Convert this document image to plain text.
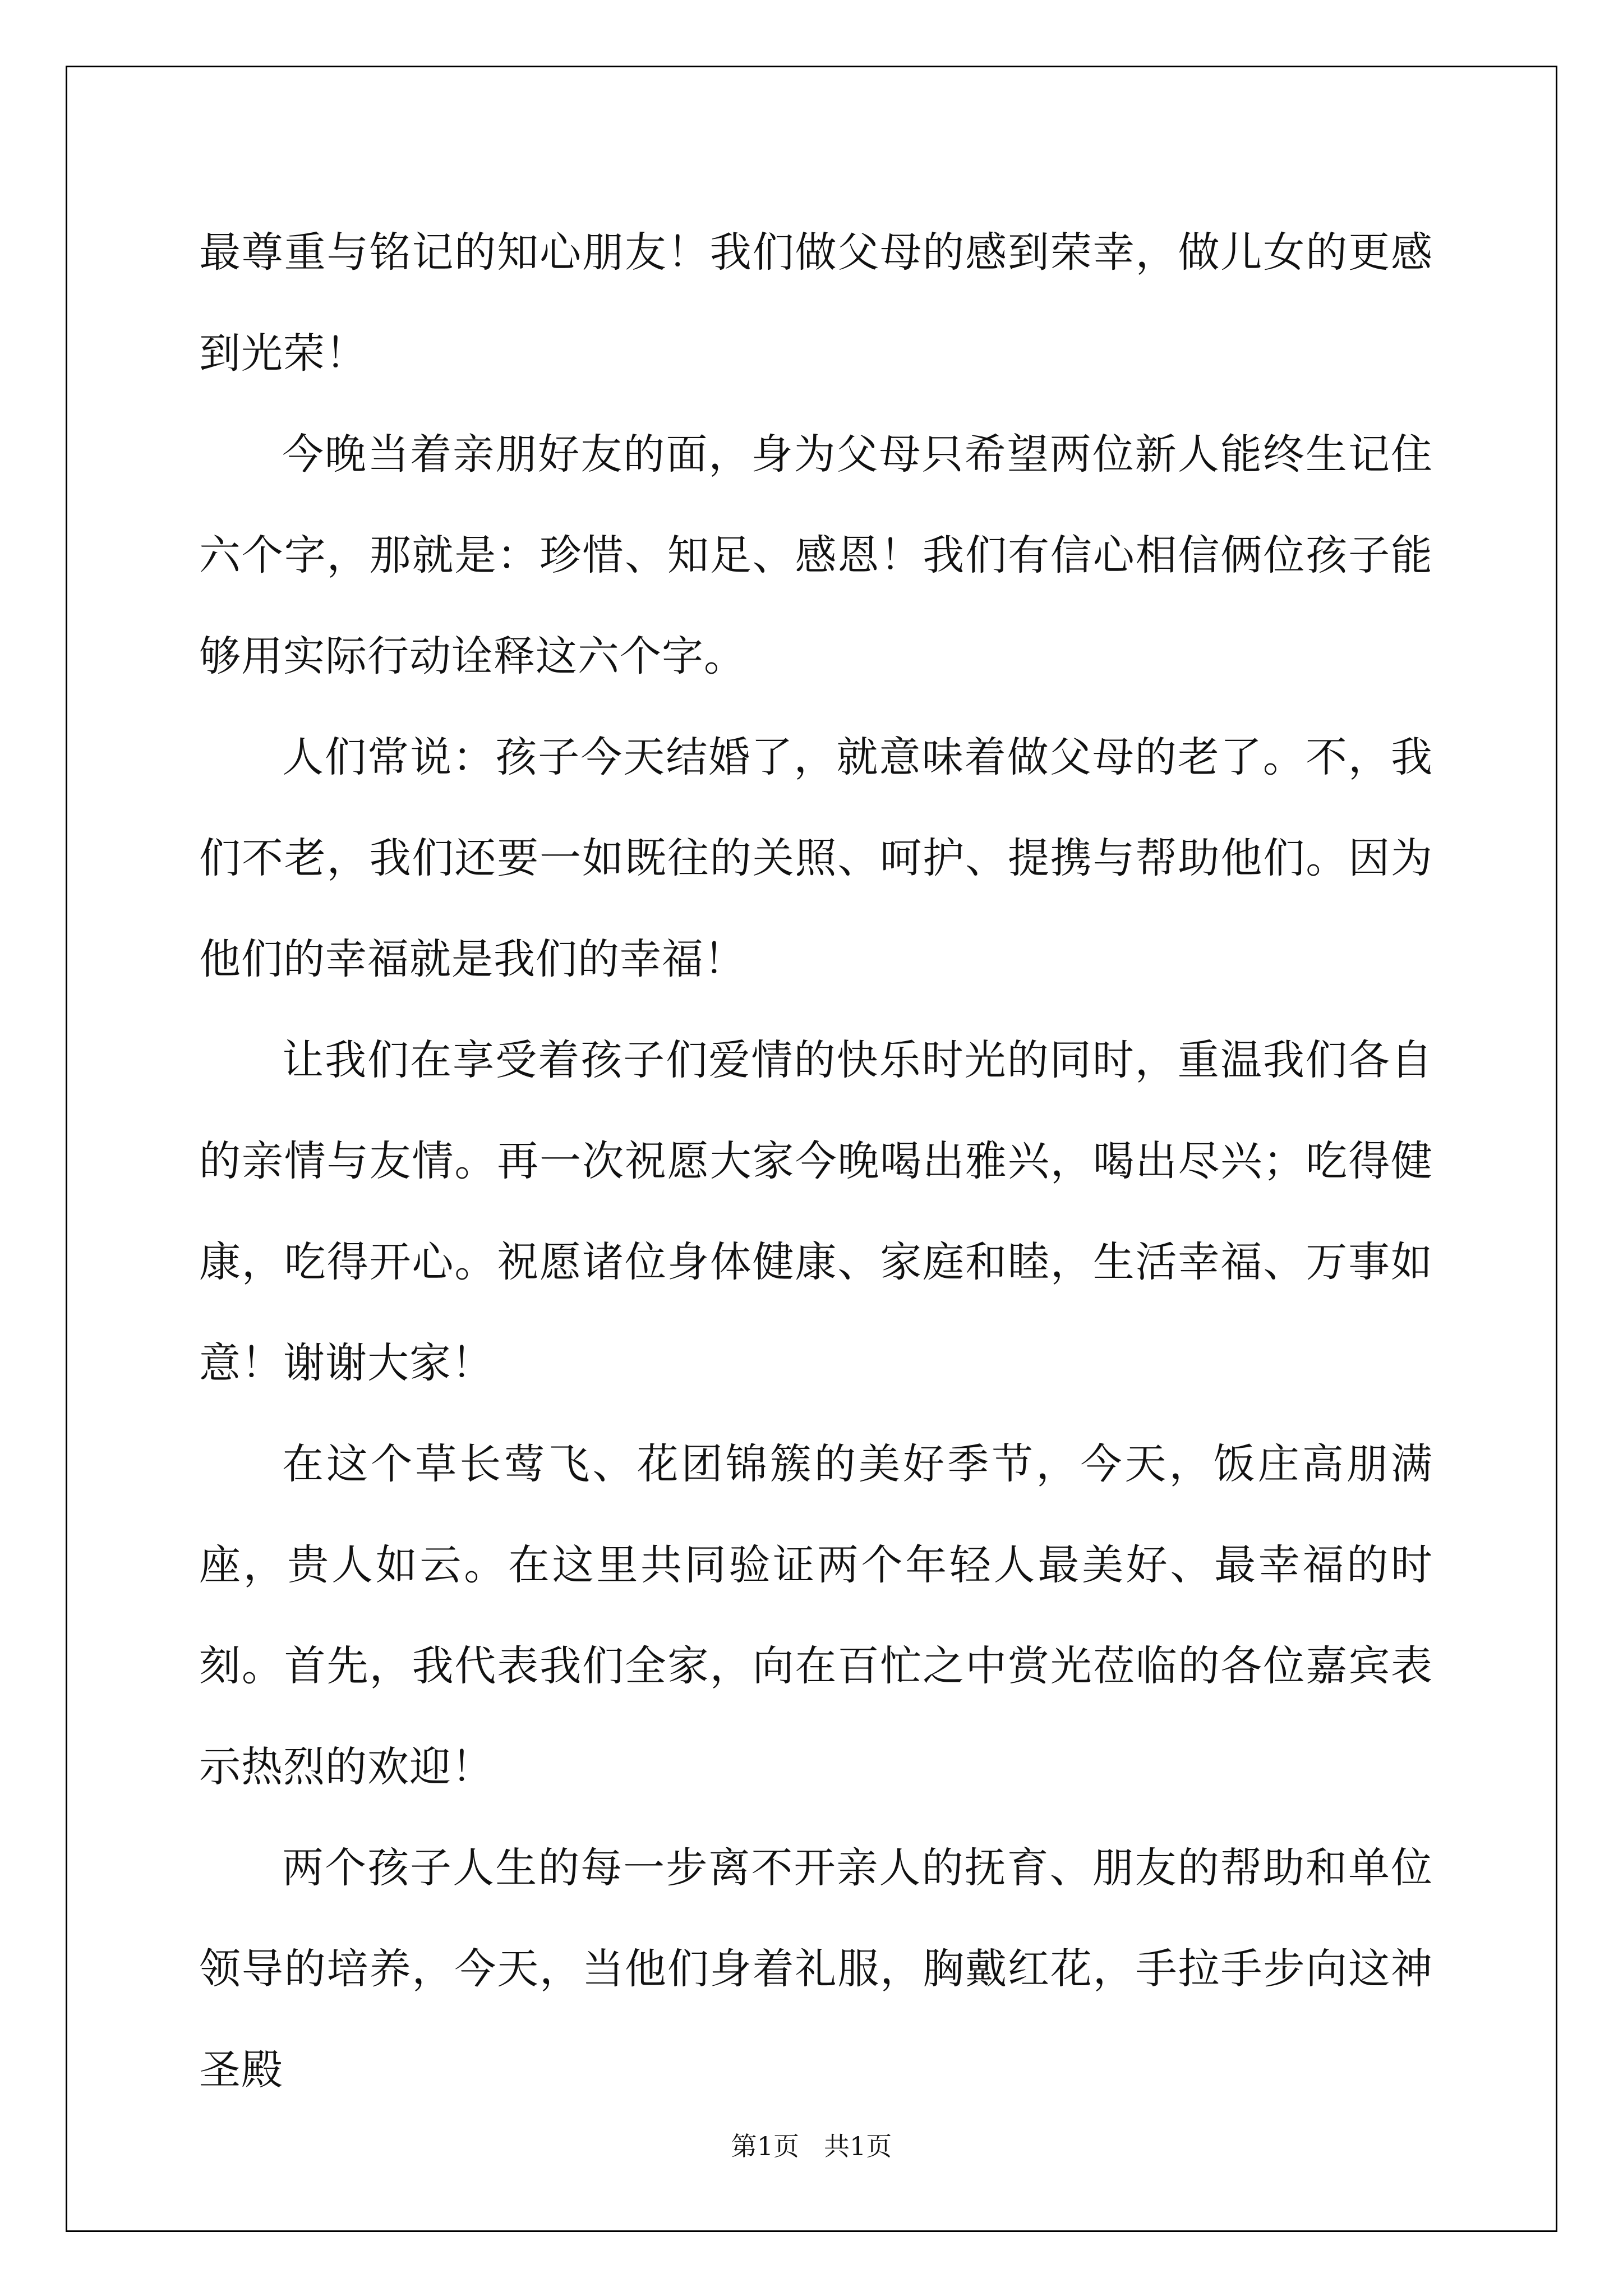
最尊重与铭记的知心朋友！我们做父母的感到荣幸，做儿女的更感到光荣！

今晚当着亲朋好友的面，身为父母只希望两位新人能终生记住六个字，那就是：珍惜、知足、感恩！我们有信心相信俩位孩子能够用实际行动诠释这六个字。

人们常说：孩子今天结婚了，就意味着做父母的老了。不，我们不老，我们还要一如既往的关照、呵护、提携与帮助他们。因为他们的幸福就是我们的幸福！

让我们在享受着孩子们爱情的快乐时光的同时，重温我们各自的亲情与友情。再一次祝愿大家今晚喝出雅兴，喝出尽兴；吃得健康，吃得开心。祝愿诸位身体健康、家庭和睦，生活幸福、万事如意！谢谢大家！

在这个草长莺飞、花团锦簇的美好季节，今天，饭庄高朋满座，贵人如云。在这里共同验证两个年轻人最美好、最幸福的时刻。首先，我代表我们全家，向在百忙之中赏光莅临的各位嘉宾表示热烈的欢迎！

两个孩子人生的每一步离不开亲人的抚育、朋友的帮助和单位领导的培养，今天，当他们身着礼服，胸戴红花，手拉手步向这神圣殿

第1页 共1页
